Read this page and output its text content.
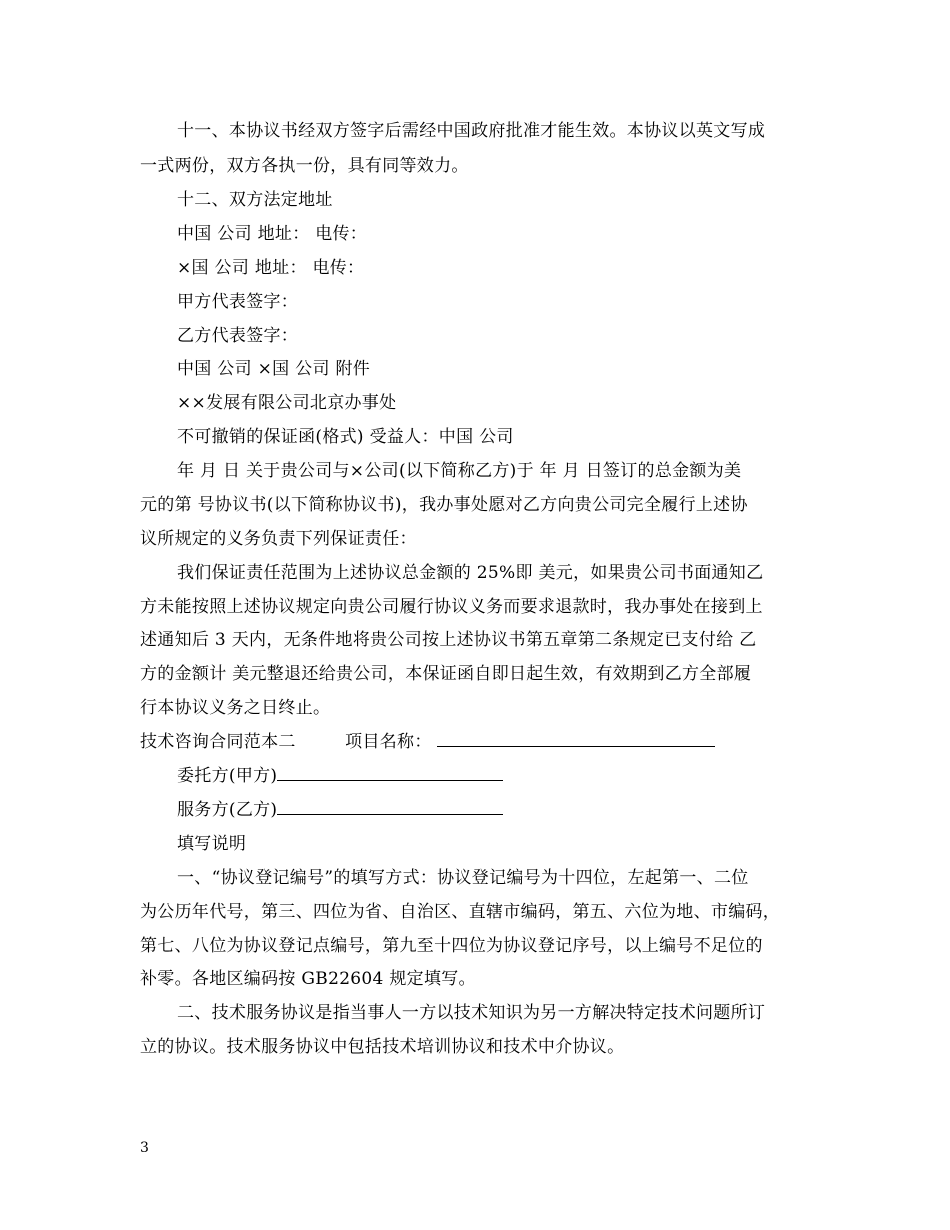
十一、本协议书经双方签字后需经中国政府批准才能生效。本协议以英文写成
一式两份，双方各执一份，具有同等效力。
十二、双方法定地址
中国 公司 地址： 电传：
×国 公司 地址： 电传：
甲方代表签字：
乙方代表签字：
中国 公司 ×国 公司 附件
××发展有限公司北京办事处
不可撤销的保证函(格式) 受益人：中国 公司
年 月 日 关于贵公司与×公司(以下简称乙方)于 年 月 日签订的总金额为美
元的第 号协议书(以下简称协议书)，我办事处愿对乙方向贵公司完全履行上述协
议所规定的义务负责下列保证责任：
我们保证责任范围为上述协议总金额的 25%即 美元，如果贵公司书面通知乙
方未能按照上述协议规定向贵公司履行协议义务而要求退款时，我办事处在接到上
述通知后 3 天内，无条件地将贵公司按上述协议书第五章第二条规定已支付给 乙
方的金额计 美元整退还给贵公司，本保证函自即日起生效，有效期到乙方全部履
行本协议义务之日终止。
技术咨询合同范本二	项目名称：
委托方(甲方)
服务方(乙方)
填写说明
一、“协议登记编号”的填写方式：协议登记编号为十四位，左起第一、二位
为公历年代号，第三、四位为省、自治区、直辖市编码，第五、六位为地、市编码，
第七、八位为协议登记点编号，第九至十四位为协议登记序号，以上编号不足位的
补零。各地区编码按 GB22604 规定填写。
二、技术服务协议是指当事人一方以技术知识为另一方解决特定技术问题所订
立的协议。技术服务协议中包括技术培训协议和技术中介协议。
3
